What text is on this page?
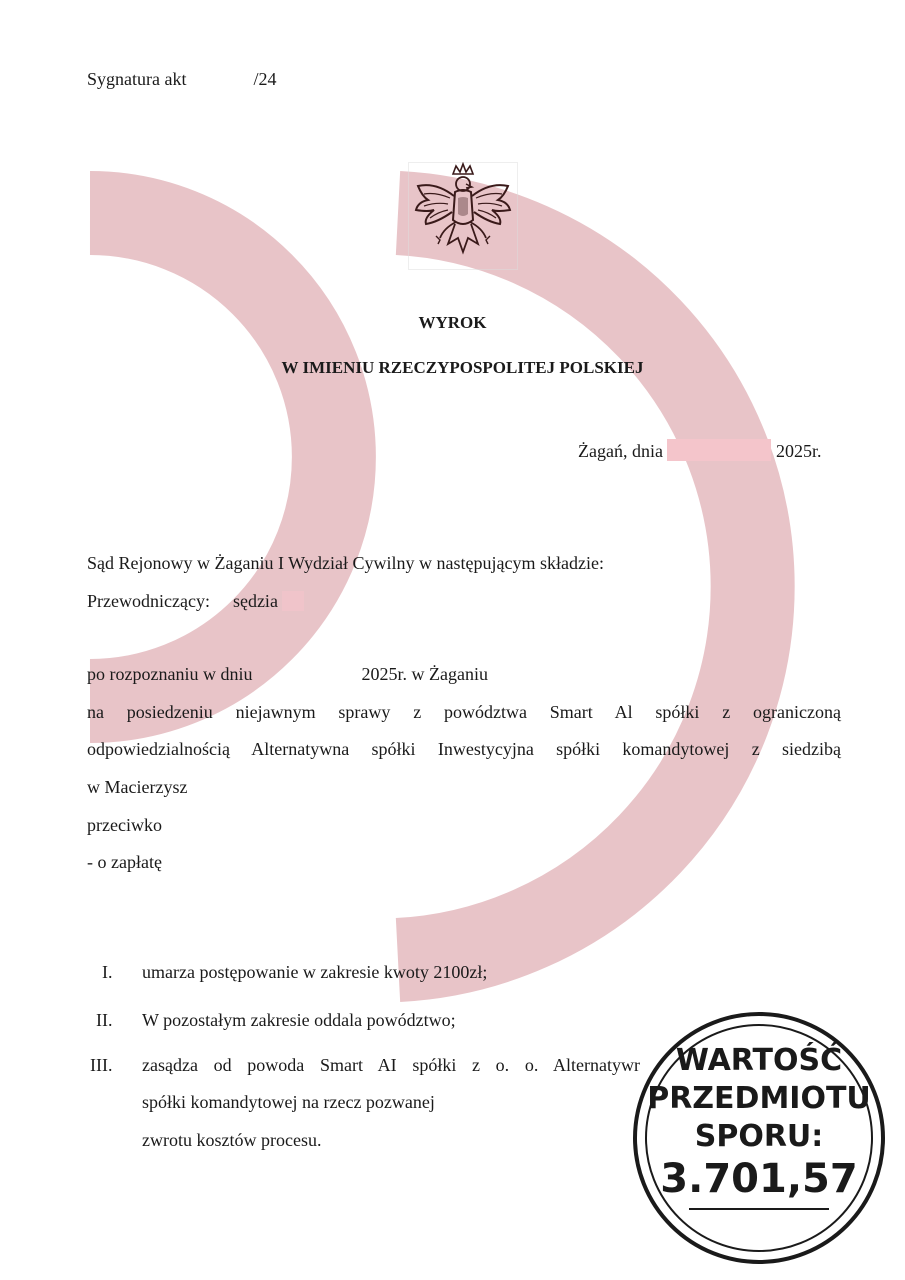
Sygnatura akt	/24
WYROK
W IMIENIU RZECZYPOSPOLITEJ POLSKIEJ
Żagań, dnia	2025r.
Sąd Rejonowy w Żaganiu I Wydział Cywilny w następującym składzie:
Przewodniczący: sędzia
po rozpoznaniu w dniu	2025r. w Żaganiu
na posiedzeniu niejawnym sprawy z powództwa Smart Al spółki z ograniczoną
odpowiedzialnością Alternatywna spółki Inwestycyjna spółki komandytowej z siedzibą
w Macierzysz
przeciwko
- o zapłatę
I. umarza postępowanie w zakresie kwoty 2100zł;
II. W pozostałym zakresie oddala powództwo;
III. zasądza od powoda Smart AI spółki z o. o. Alternatywr
spółki komandytowej na rzecz pozwanej
zwrotu kosztów procesu.
WARTOŚĆ
PRZEDMIOTU
SPORU:
3.701,57
